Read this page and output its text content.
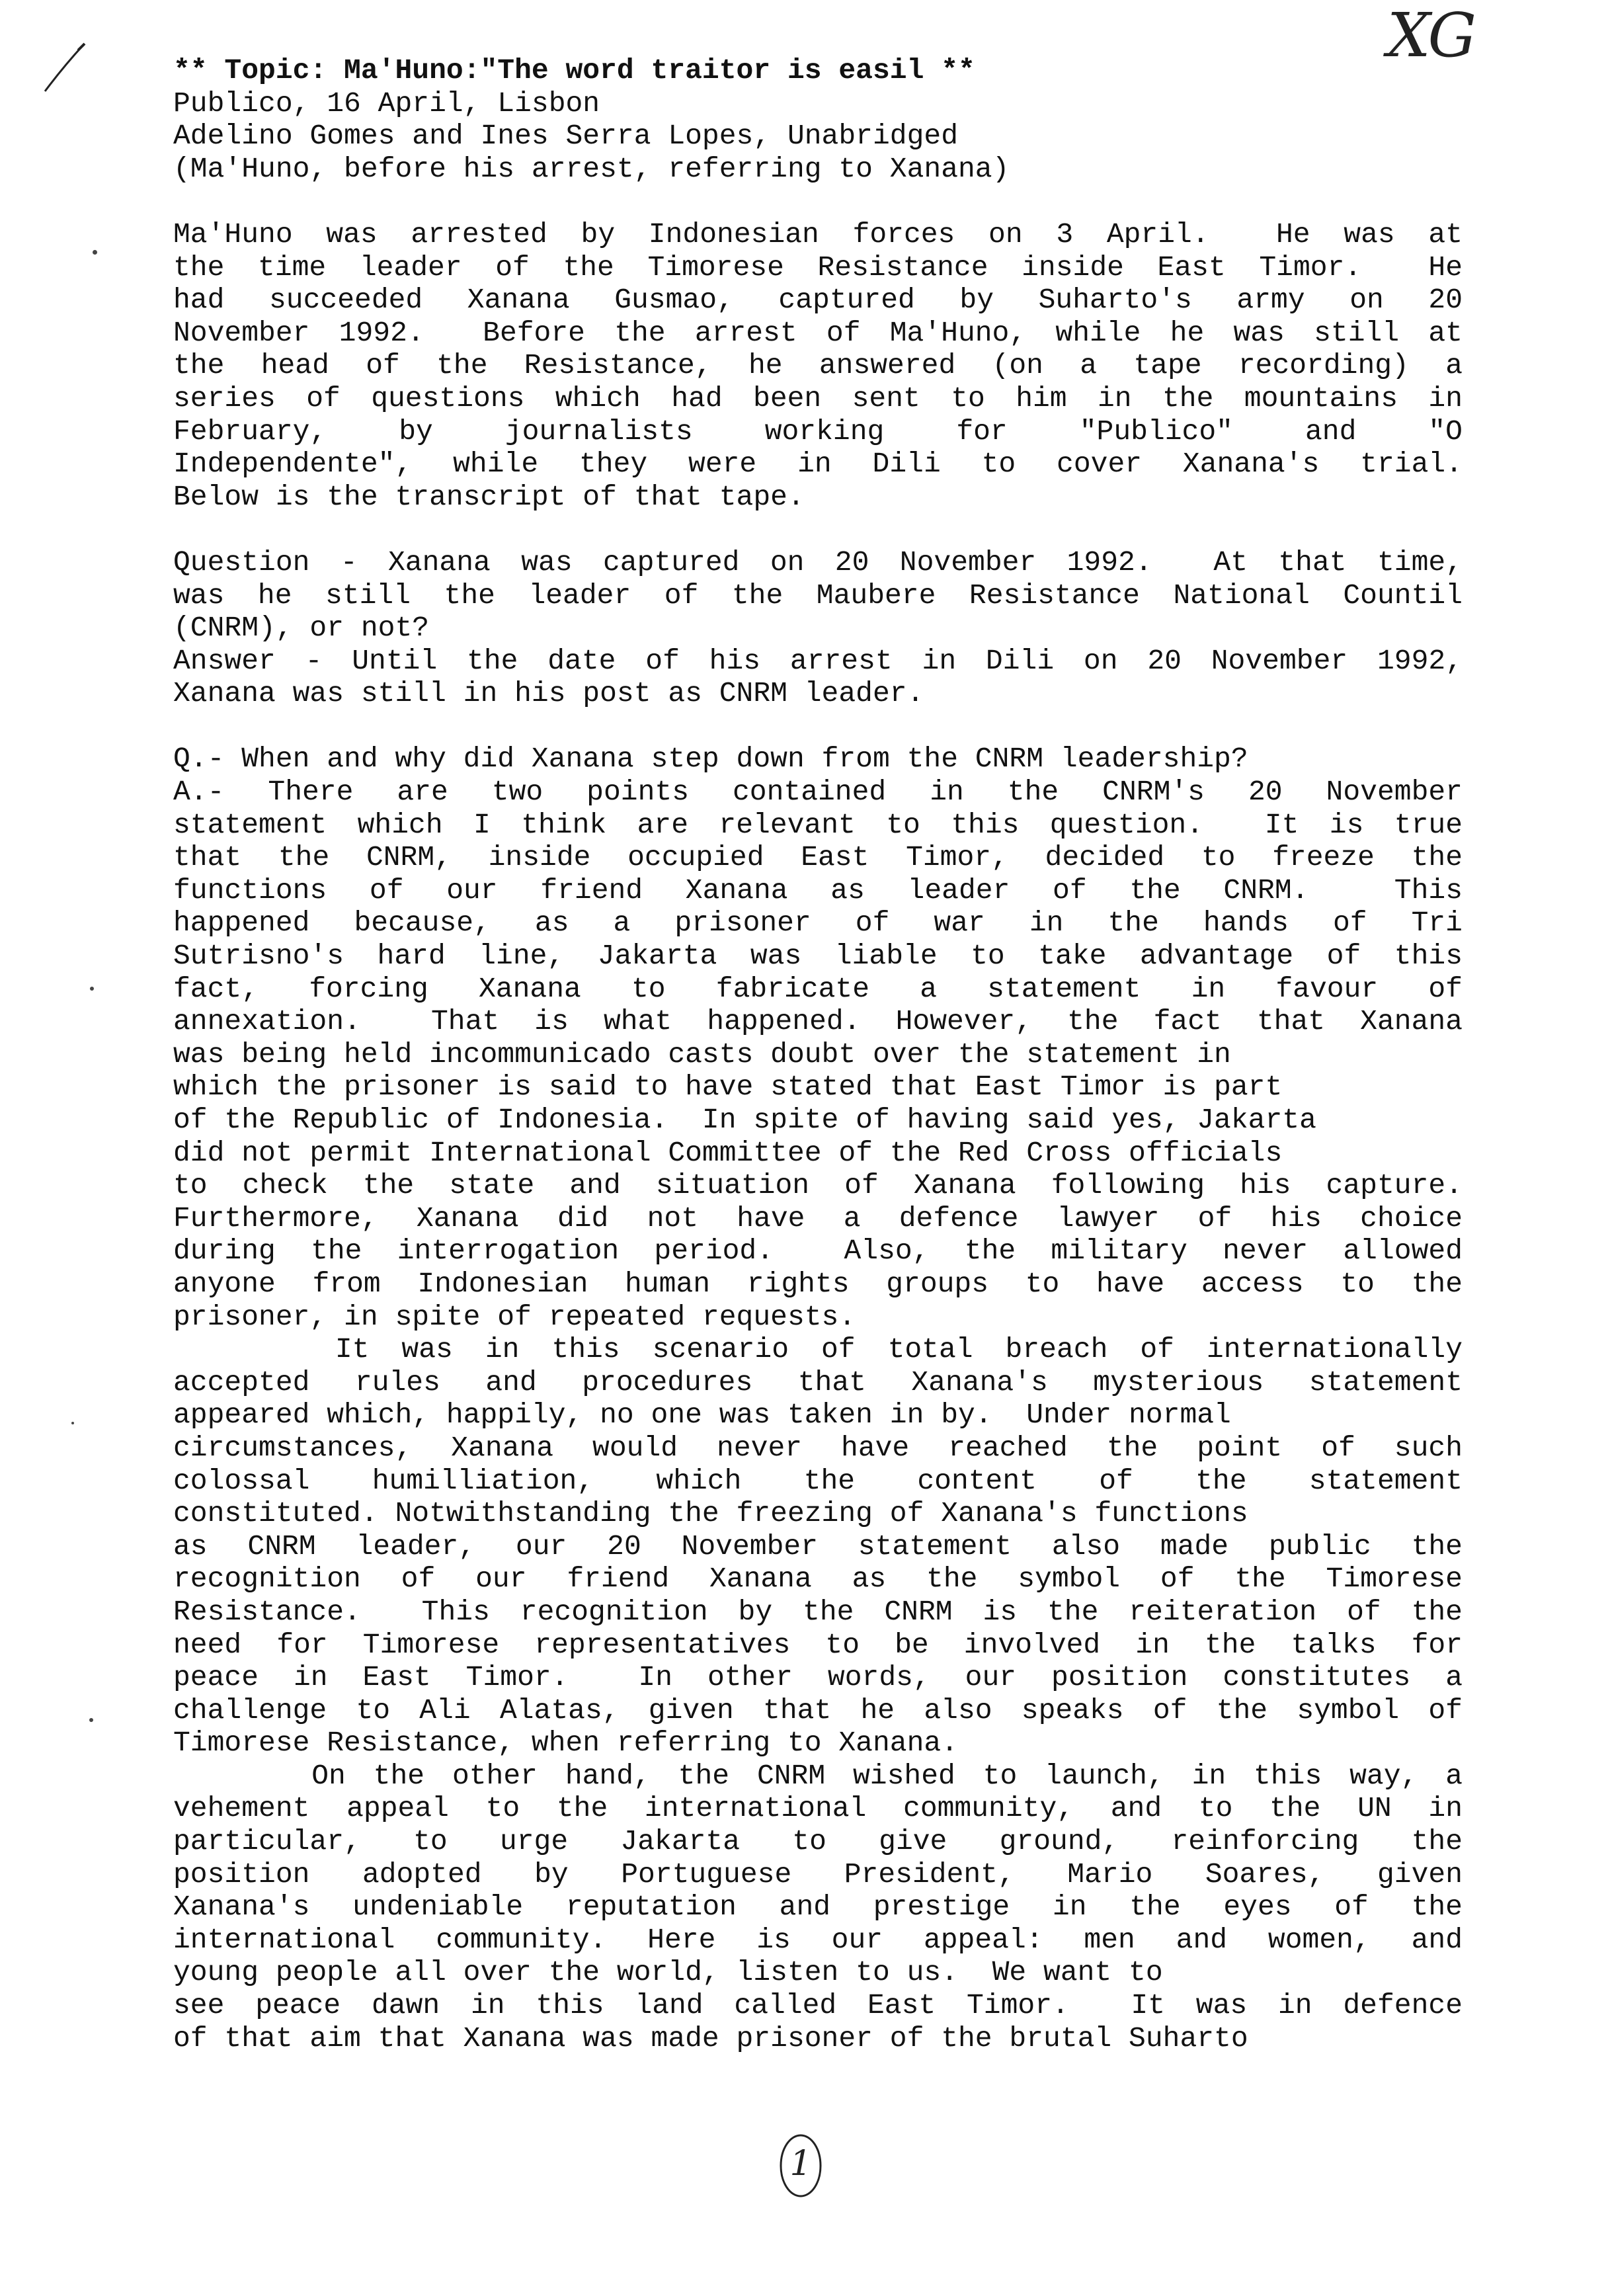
XG
** Topic: Ma'Huno:"The word traitor is easil **
Publico, 16 April, Lisbon
Adelino Gomes and Ines Serra Lopes, Unabridged
(Ma'Huno, before his arrest, referring to Xanana)
Ma'Huno was arrested by Indonesian forces on 3 April.  He was at
the time leader of the Timorese Resistance inside East Timor.  He
had succeeded Xanana Gusmao, captured by Suharto's army on 20
November 1992.  Before the arrest of Ma'Huno, while he was still at
the head of the Resistance, he answered (on a tape recording) a
series of questions which had been sent to him in the mountains in
February,  by  journalists  working  for  "Publico"  and  "O
Independente", while they were in Dili to cover Xanana's trial.
Below is the transcript of that tape.
Question - Xanana was captured on 20 November 1992.  At that time,
was he still the leader of the Maubere Resistance National Countil
(CNRM), or not?
Answer - Until the date of his arrest in Dili on 20 November 1992,
Xanana was still in his post as CNRM leader.
Q.- When and why did Xanana step down from the CNRM leadership?
A.- There are two points contained in the CNRM's 20 November
statement which I think are relevant to this question.  It is true
that the CNRM, inside occupied East Timor, decided to freeze the
functions of our friend Xanana as leader of the CNRM.  This
happened because, as a prisoner of war in the hands of Tri
Sutrisno's hard line, Jakarta was liable to take advantage of this
fact, forcing Xanana to fabricate a statement in favour of
annexation.  That is what happened. However, the fact that Xanana
was being held incommunicado casts doubt over the statement in
which the prisoner is said to have stated that East Timor is part
of the Republic of Indonesia.  In spite of having said yes, Jakarta
did not permit International Committee of the Red Cross officials
to check the state and situation of Xanana following his capture.
Furthermore, Xanana did not have a defence lawyer of his choice
during the interrogation period.  Also, the military never allowed
anyone from Indonesian human rights groups to have access to the
prisoner, in spite of repeated requests.
It was in this scenario of total breach of internationally
accepted rules and procedures that Xanana's mysterious statement
appeared which, happily, no one was taken in by.  Under normal
circumstances, Xanana would never have reached the point of such
colossal humilliation, which the content of the statement
constituted. Notwithstanding the freezing of Xanana's functions
as CNRM leader, our 20 November statement also made public the
recognition of our friend Xanana as the symbol of the Timorese
Resistance.  This recognition by the CNRM is the reiteration of the
need for Timorese representatives to be involved in the talks for
peace in East Timor.  In other words, our position constitutes a
challenge to Ali Alatas, given that he also speaks of the symbol of
Timorese Resistance, when referring to Xanana.
On the other hand, the CNRM wished to launch, in this way, a
vehement appeal to the international community, and to the UN in
particular, to urge Jakarta to give ground, reinforcing the
position adopted by Portuguese President, Mario Soares, given
Xanana's undeniable reputation and prestige in the eyes of the
international community. Here is our appeal: men and women, and
young people all over the world, listen to us.  We want to
see peace dawn in this land called East Timor.  It was in defence
of that aim that Xanana was made prisoner of the brutal Suharto
1
